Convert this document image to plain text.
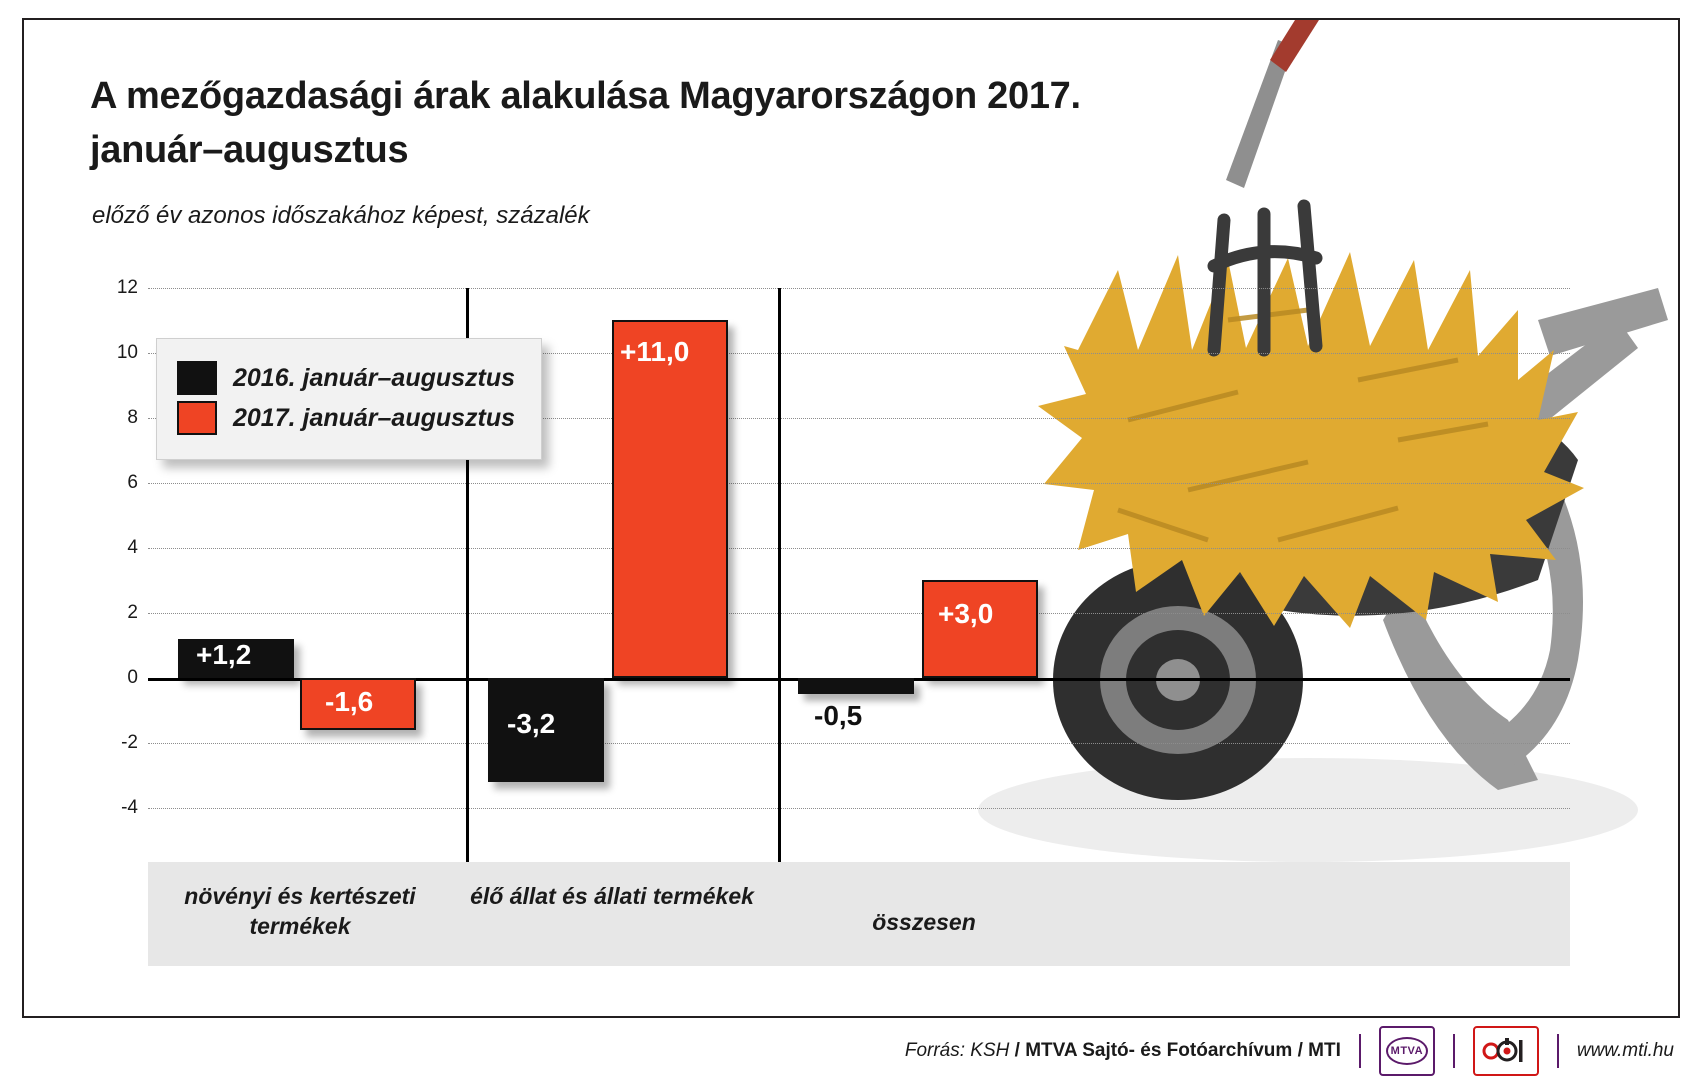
A mezőgazdasági árak alakulása Magyarországon 2017. január–augusztus
előző év azonos időszakához képest, százalék
12
10
8
6
4
2
0
-2
-4
+1,2
-1,6
-3,2
+11,0
-0,5
+3,0
2016. január–augusztus
2017. január–augusztus
növényi és kertészeti termékek
élő állat és állati termékek
összesen
Forrás: KSH / MTVA Sajtó- és Fotóarchívum / MTI	MTVA	www.mti.hu
